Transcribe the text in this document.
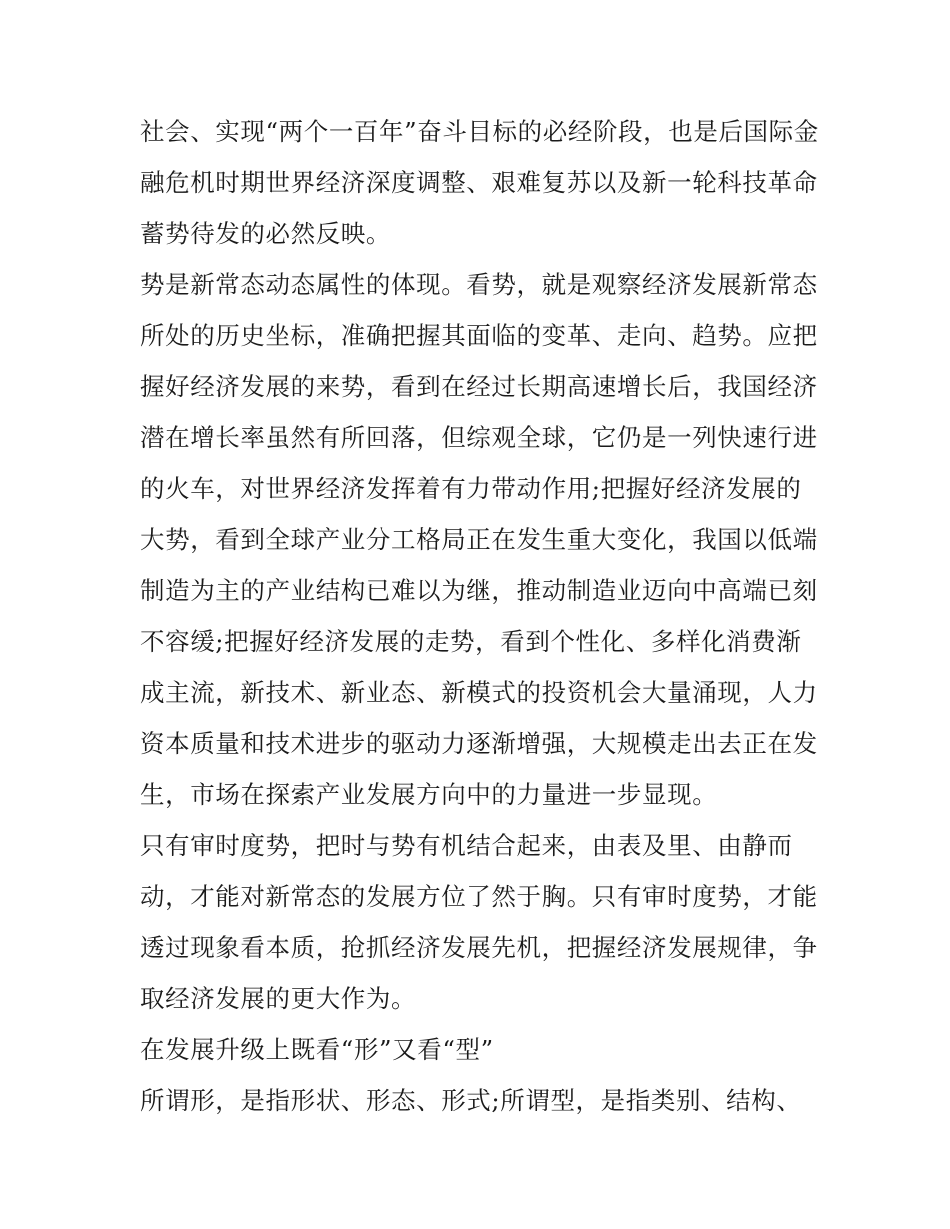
社会、实现“两个一百年”奋斗目标的必经阶段，也是后国际金
融危机时期世界经济深度调整、艰难复苏以及新一轮科技革命
蓄势待发的必然反映。
势是新常态动态属性的体现。看势，就是观察经济发展新常态
所处的历史坐标，准确把握其面临的变革、走向、趋势。应把
握好经济发展的来势，看到在经过长期高速增长后，我国经济
潜在增长率虽然有所回落，但综观全球，它仍是一列快速行进
的火车，对世界经济发挥着有力带动作用;把握好经济发展的
大势，看到全球产业分工格局正在发生重大变化，我国以低端
制造为主的产业结构已难以为继，推动制造业迈向中高端已刻
不容缓;把握好经济发展的走势，看到个性化、多样化消费渐
成主流，新技术、新业态、新模式的投资机会大量涌现，人力
资本质量和技术进步的驱动力逐渐增强，大规模走出去正在发
生，市场在探索产业发展方向中的力量进一步显现。
只有审时度势，把时与势有机结合起来，由表及里、由静而
动，才能对新常态的发展方位了然于胸。只有审时度势，才能
透过现象看本质，抢抓经济发展先机，把握经济发展规律，争
取经济发展的更大作为。
在发展升级上既看“形”又看“型”
所谓形，是指形状、形态、形式;所谓型，是指类别、结构、
